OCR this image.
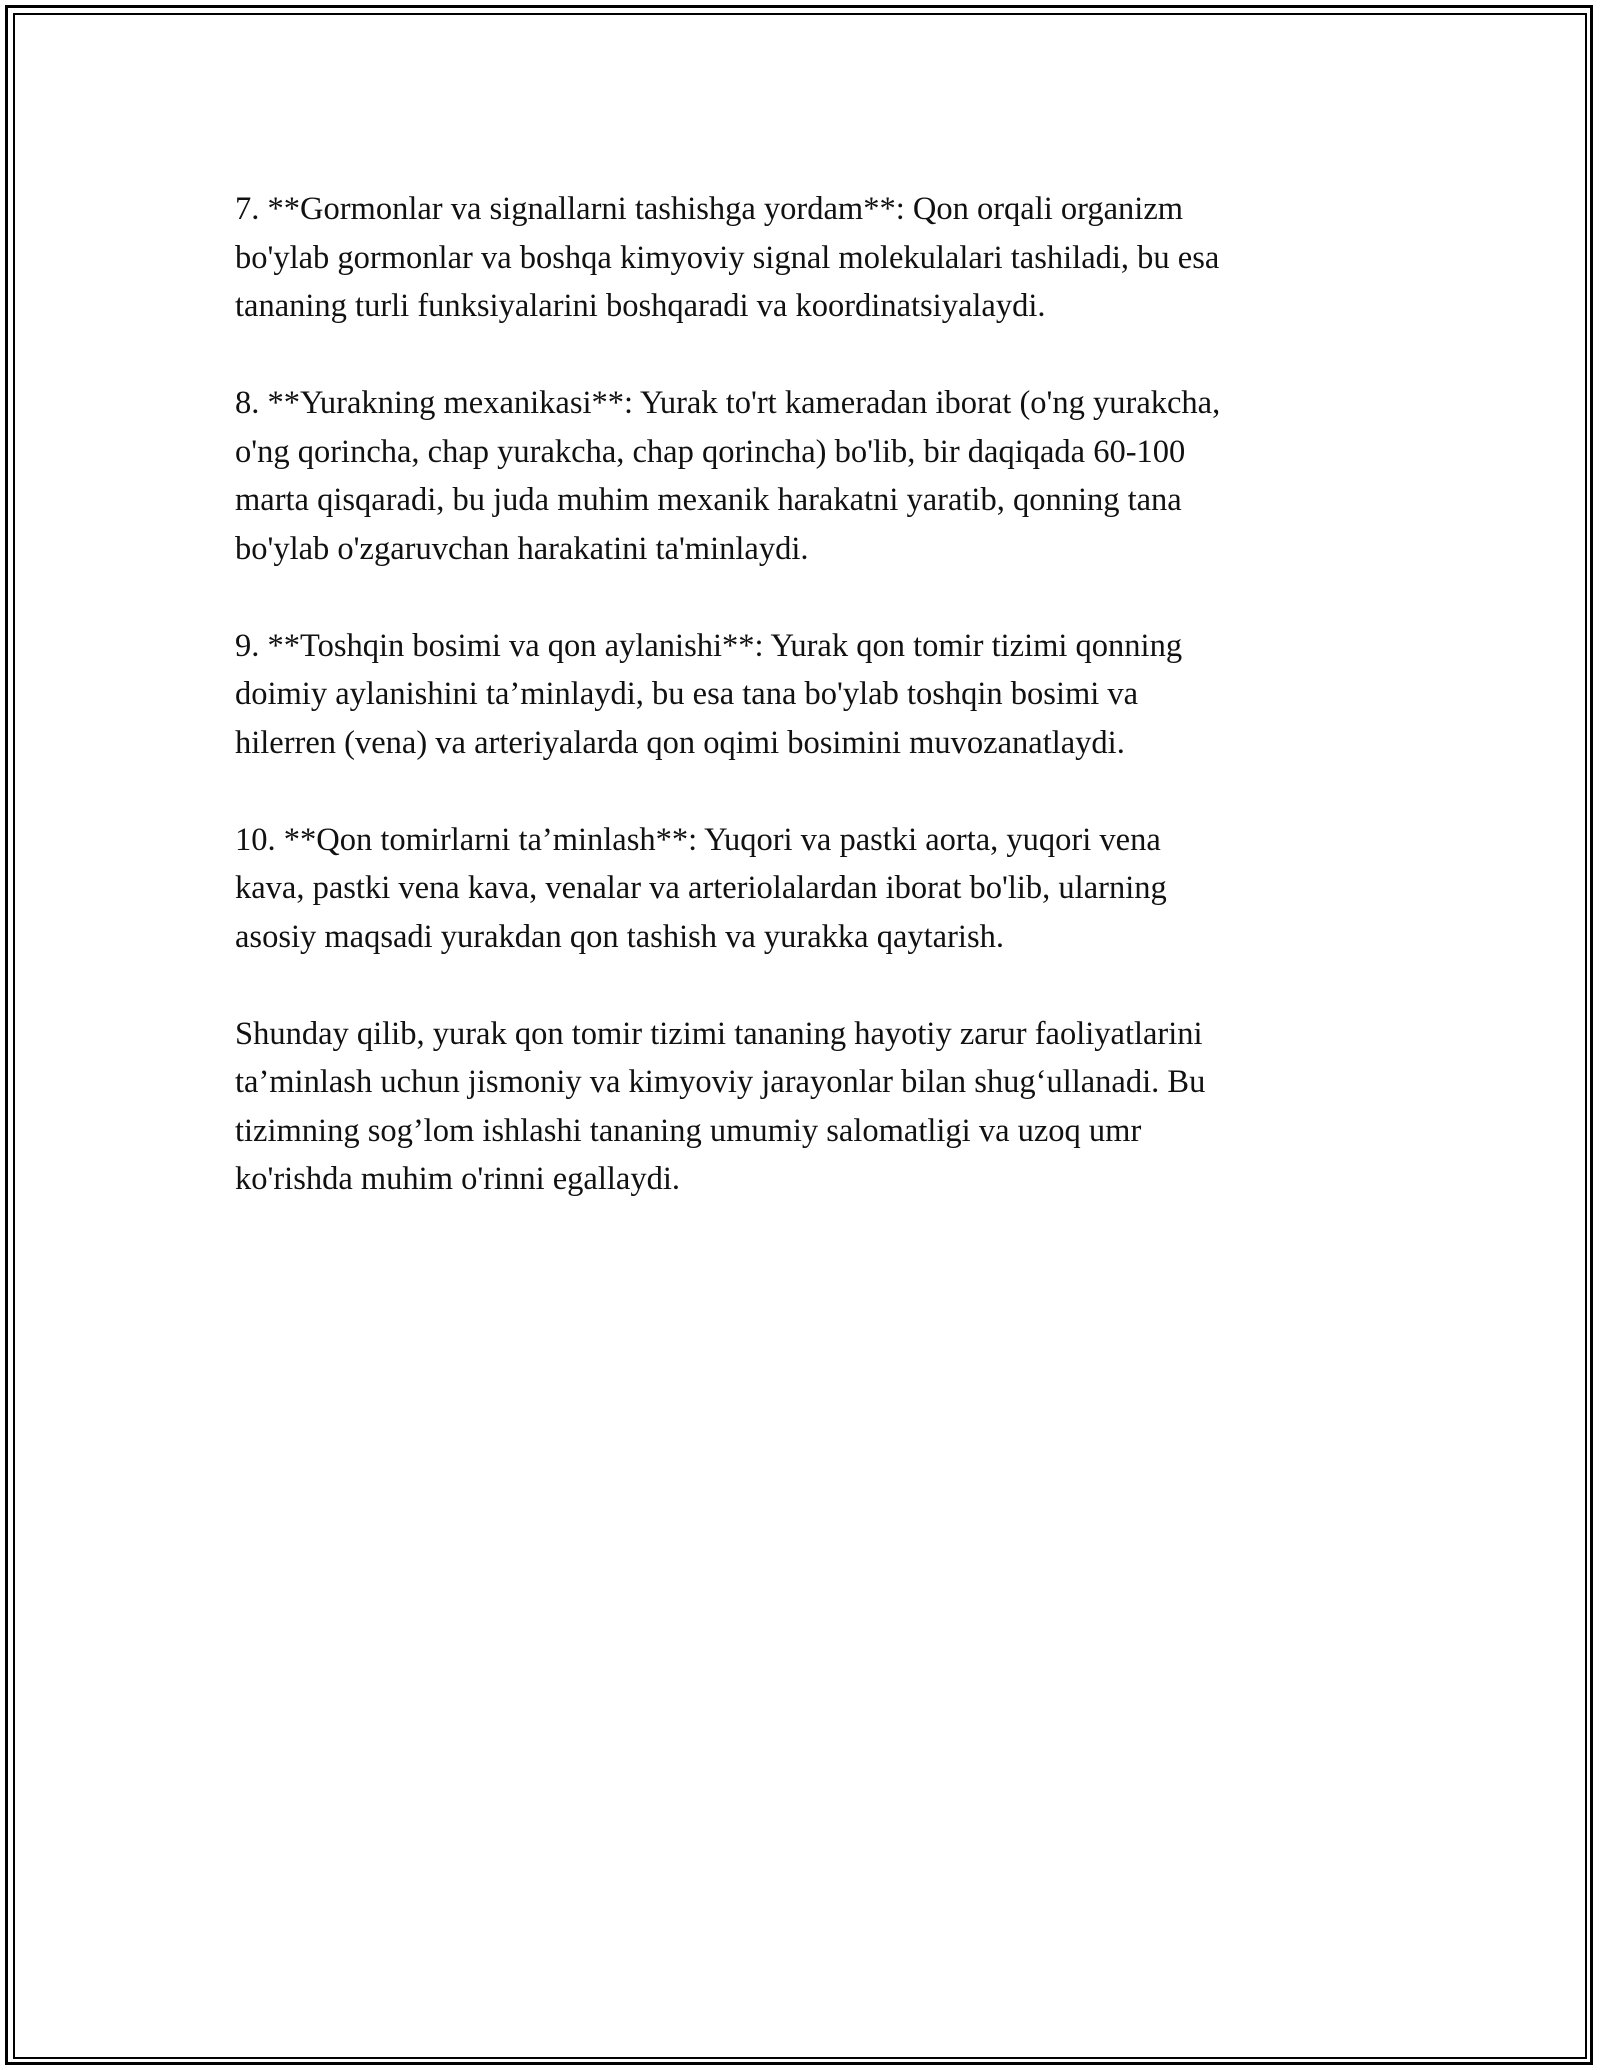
7. **Gormonlar va signallarni tashishga yordam**: Qon orqali organizm
bo'ylab gormonlar va boshqa kimyoviy signal molekulalari tashiladi, bu esa
tananing turli funksiyalarini boshqaradi va koordinatsiyalaydi.

8. **Yurakning mexanikasi**: Yurak to'rt kameradan iborat (o'ng yurakcha,
o'ng qorincha, chap yurakcha, chap qorincha) bo'lib, bir daqiqada 60-100
marta qisqaradi, bu juda muhim mexanik harakatni yaratib, qonning tana
bo'ylab o'zgaruvchan harakatini ta'minlaydi.

9. **Toshqin bosimi va qon aylanishi**: Yurak qon tomir tizimi qonning
doimiy aylanishini ta’minlaydi, bu esa tana bo'ylab toshqin bosimi va
hilerren (vena) va arteriyalarda qon oqimi bosimini muvozanatlaydi.

10. **Qon tomirlarni ta’minlash**: Yuqori va pastki aorta, yuqori vena
kava, pastki vena kava, venalar va arteriolalardan iborat bo'lib, ularning
asosiy maqsadi yurakdan qon tashish va yurakka qaytarish.

Shunday qilib, yurak qon tomir tizimi tananing hayotiy zarur faoliyatlarini
ta’minlash uchun jismoniy va kimyoviy jarayonlar bilan shug‘ullanadi. Bu
tizimning sog’lom ishlashi tananing umumiy salomatligi va uzoq umr
ko'rishda muhim o'rinni egallaydi.
